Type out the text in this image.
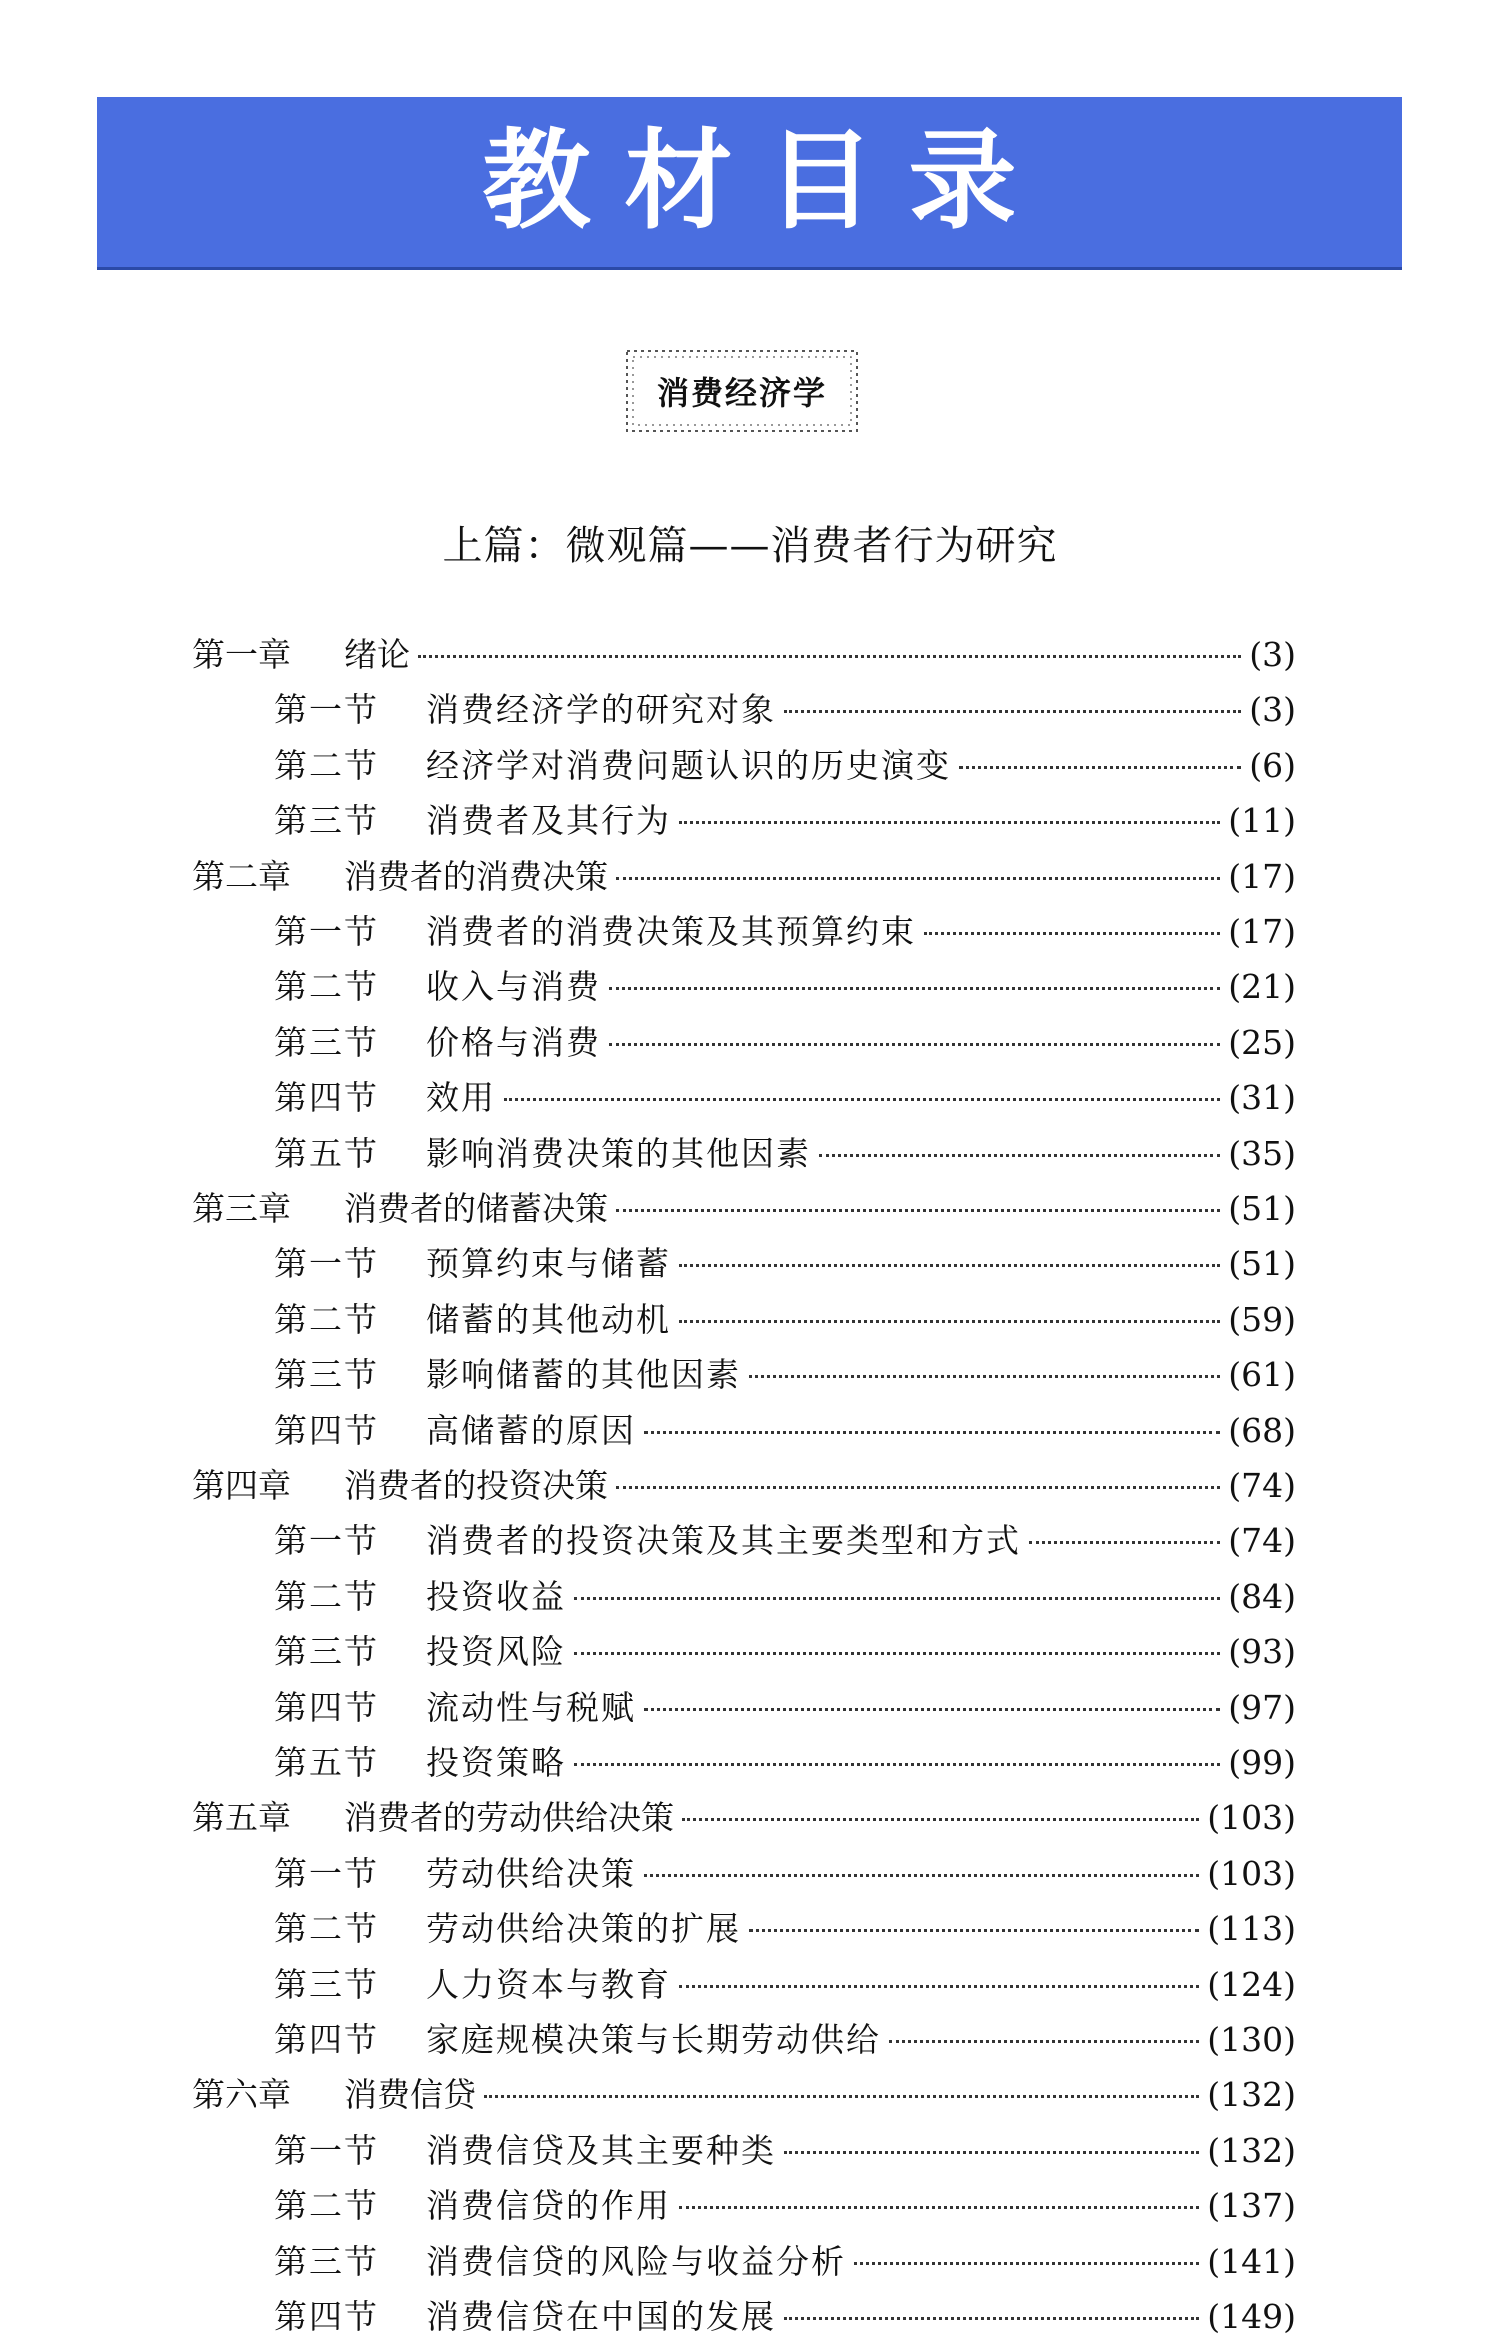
教材目录
消费经济学
上篇：微观篇——消费者行为研究
第一章	绪论	(3)
第一节	消费经济学的研究对象	(3)
第二节	经济学对消费问题认识的历史演变	(6)
第三节	消费者及其行为	(11)
第二章	消费者的消费决策	(17)
第一节	消费者的消费决策及其预算约束	(17)
第二节	收入与消费	(21)
第三节	价格与消费	(25)
第四节	效用	(31)
第五节	影响消费决策的其他因素	(35)
第三章	消费者的储蓄决策	(51)
第一节	预算约束与储蓄	(51)
第二节	储蓄的其他动机	(59)
第三节	影响储蓄的其他因素	(61)
第四节	高储蓄的原因	(68)
第四章	消费者的投资决策	(74)
第一节	消费者的投资决策及其主要类型和方式	(74)
第二节	投资收益	(84)
第三节	投资风险	(93)
第四节	流动性与税赋	(97)
第五节	投资策略	(99)
第五章	消费者的劳动供给决策	(103)
第一节	劳动供给决策	(103)
第二节	劳动供给决策的扩展	(113)
第三节	人力资本与教育	(124)
第四节	家庭规模决策与长期劳动供给	(130)
第六章	消费信贷	(132)
第一节	消费信贷及其主要种类	(132)
第二节	消费信贷的作用	(137)
第三节	消费信贷的风险与收益分析	(141)
第四节	消费信贷在中国的发展	(149)
